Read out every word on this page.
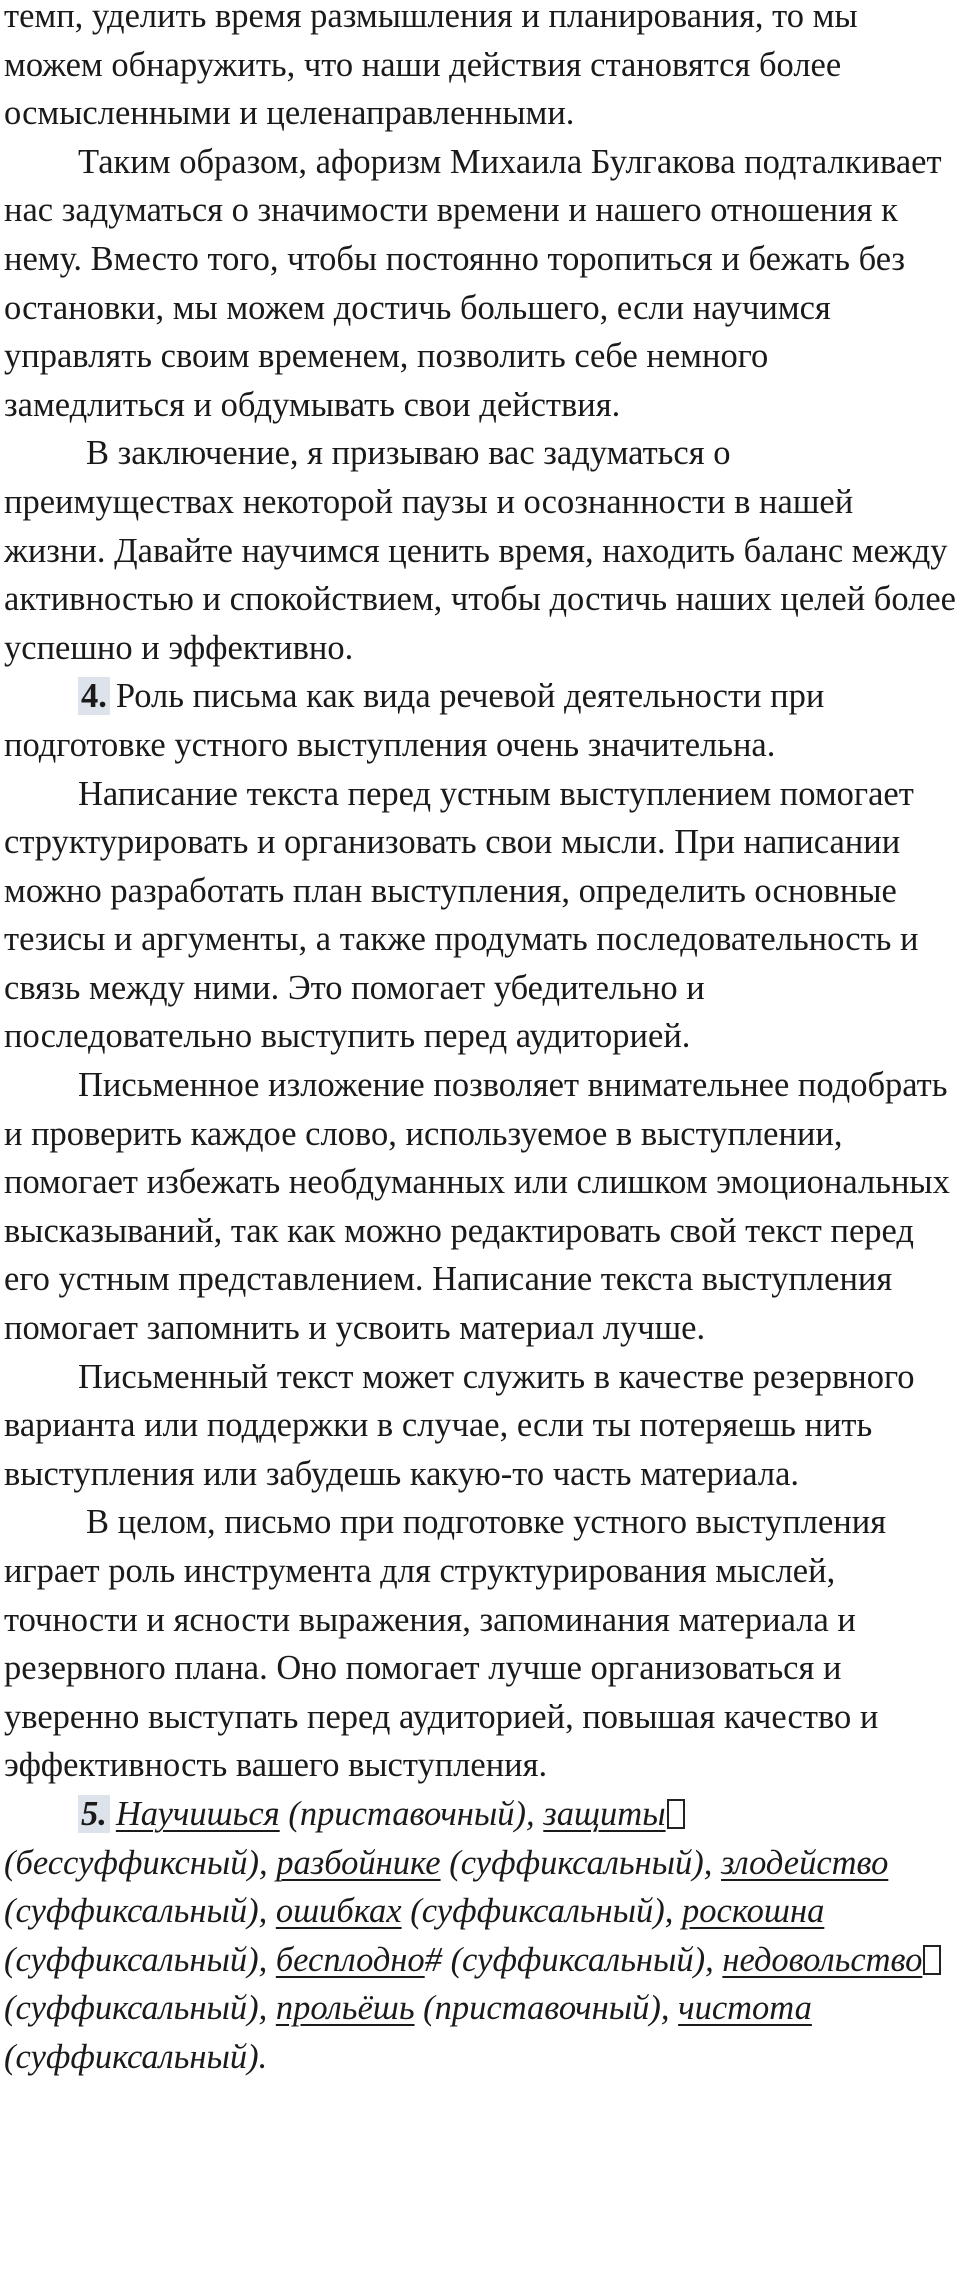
темп, уделить время размышления и планирования, то мы можем обнаружить, что наши действия становятся более осмысленными и целенаправленными.

Таким образом, афоризм Михаила Булгакова подталкивает нас задуматься о значимости времени и нашего отношения к нему. Вместо того, чтобы постоянно торопиться и бежать без остановки, мы можем достичь большего, если научимся управлять своим временем, позволить себе немного замедлиться и обдумывать свои действия.

В заключение, я призываю вас задуматься о преимуществах некоторой паузы и осознанности в нашей жизни. Давайте научимся ценить время, находить баланс между активностью и спокойствием, чтобы достичь наших целей более успешно и эффективно.

4. Роль письма как вида речевой деятельности при подготовке устного выступления очень значительна.

Написание текста перед устным выступлением помогает структурировать и организовать свои мысли. При написании можно разработать план выступления, определить основные тезисы и аргументы, а также продумать последовательность и связь между ними. Это помогает убедительно и последовательно выступить перед аудиторией.

Письменное изложение позволяет внимательнее подобрать и проверить каждое слово, используемое в выступлении, помогает избежать необдуманных или слишком эмоциональных высказываний, так как можно редактировать свой текст перед его устным представлением. Написание текста выступления помогает запомнить и усвоить материал лучше.

Письменный текст может служить в качестве резервного варианта или поддержки в случае, если ты потеряешь нить выступления или забудешь какую-то часть материала.

В целом, письмо при подготовке устного выступления играет роль инструмента для структурирования мыслей, точности и ясности выражения, запоминания материала и резервного плана. Оно помогает лучше организоваться и уверенно выступать перед аудиторией, повышая качество и эффективность вашего выступления.

5. Научишься (приставочный), защиты (бессуффиксный), разбойнике (суффиксальный), злодейство (суффиксальный), ошибках (суффиксальный), роскошна (суффиксальный), бесплодно# (суффиксальный), недовольство (суффиксальный), прольёшь (приставочный), чистота (суффиксальный).
